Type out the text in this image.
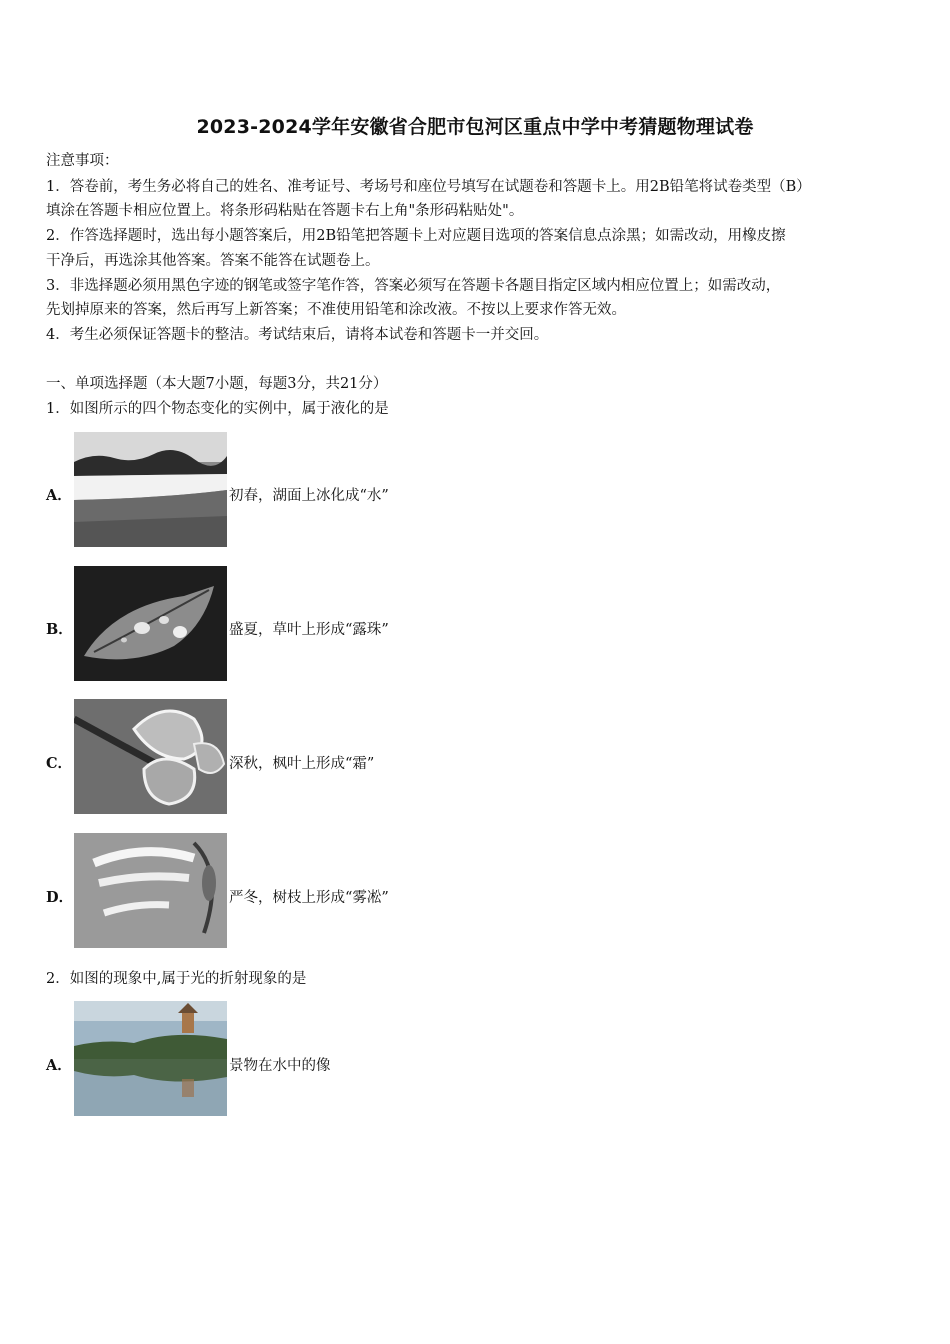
2023-2024学年安徽省合肥市包河区重点中学中考猜题物理试卷
注意事项：
1．答卷前，考生务必将自己的姓名、准考证号、考场号和座位号填写在试题卷和答题卡上。用2B铅笔将试卷类型（B）
填涂在答题卡相应位置上。将条形码粘贴在答题卡右上角"条形码粘贴处"。
2．作答选择题时，选出每小题答案后，用2B铅笔把答题卡上对应题目选项的答案信息点涂黑；如需改动，用橡皮擦
干净后，再选涂其他答案。答案不能答在试题卷上。
3．非选择题必须用黑色字迹的钢笔或签字笔作答，答案必须写在答题卡各题目指定区域内相应位置上；如需改动，
先划掉原来的答案，然后再写上新答案；不准使用铅笔和涂改液。不按以上要求作答无效。
4．考生必须保证答题卡的整洁。考试结束后，请将本试卷和答题卡一并交回。
一、单项选择题（本大题7小题，每题3分，共21分）
1．如图所示的四个物态变化的实例中，属于液化的是
A．	初春，湖面上冰化成“水”
B．	盛夏，草叶上形成“露珠”
C．	深秋，枫叶上形成“霜”
D．	严冬，树枝上形成“雾凇”
2．如图的现象中,属于光的折射现象的是
A．	景物在水中的像
